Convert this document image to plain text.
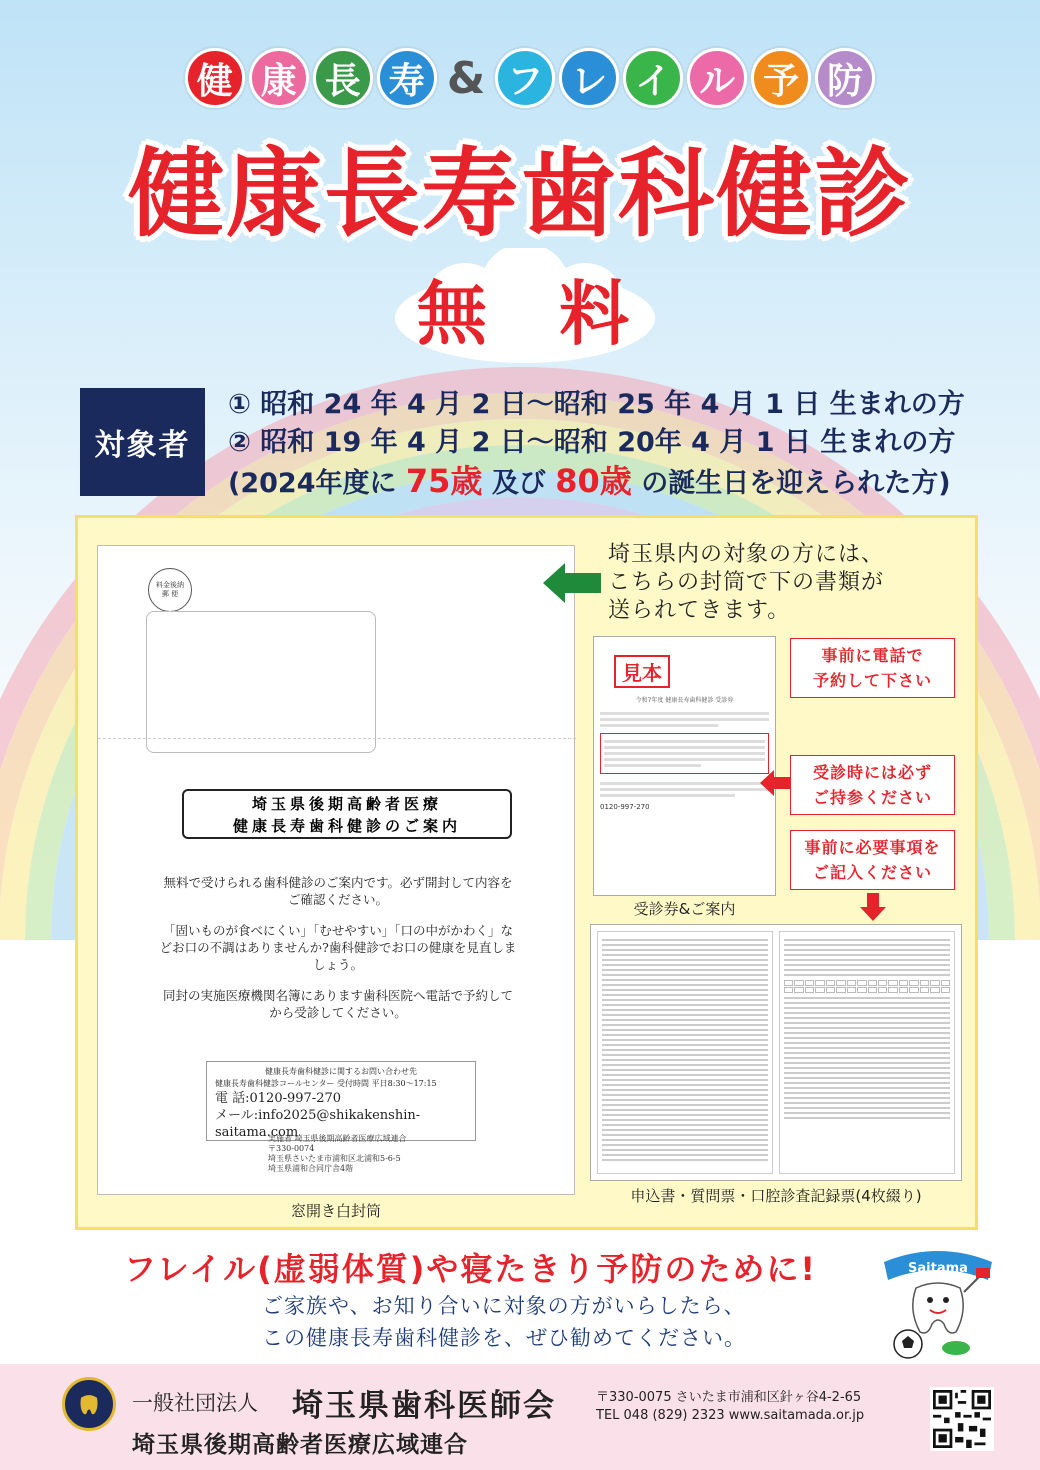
健 康 長 寿 & フ レ イ ル 予 防
健康長寿歯科健診
無 料
対象者
① 昭和 24 年 4 月 2 日〜昭和 25 年 4 月 1 日 生まれの方
② 昭和 19 年 4 月 2 日〜昭和 20年 4 月 1 日 生まれの方
(2024年度に 75歳 及び 80歳 の誕生日を迎えられた方)
料金後納
郵 便
埼玉県後期高齢者医療
健康長寿歯科健診のご案内

無料で受けられる歯科健診のご案内です。必ず開封して内容をご確認ください。

「固いものが食べにくい」「むせやすい」「口の中がかわく」などお口の不調はありませんか?歯科健診でお口の健康を見直しましょう。

同封の実施医療機関名簿にあります歯科医院へ電話で予約してから受診してください。

健康長寿歯科健診に関するお問い合わせ先
健康長寿歯科健診コールセンター 受付時間 平日8:30〜17:15
電 話:0120-997-270
メール:info2025@shikakenshin-saitama.com
実施者 埼玉県後期高齢者医療広域連合
〒330-0074
埼玉県さいたま市浦和区北浦和5-6-5
埼玉県浦和合同庁舎4階
窓開き白封筒
埼玉県内の対象の方には、
こちらの封筒で下の書類が
送られてきます。
見本
令和7年度 健康長寿歯科健診 受診券
0120-997-270
受診券&ご案内
事前に電話で
予約して下さい
受診時には必ず
ご持参ください
事前に必要事項を
ご記入ください
申込書・質問票・口腔診査記録票(4枚綴り)
フレイル(虚弱体質)や寝たきり予防のために!
ご家族や、お知り合いに対象の方がいらしたら、
この健康長寿歯科健診を、ぜひ勧めてください。
Saitama
一般社団法人 埼玉県歯科医師会	〒330-0075 さいたま市浦和区針ヶ谷4-2-65
TEL 048 (829) 2323 www.saitamada.or.jp
埼玉県後期高齢者医療広域連合
